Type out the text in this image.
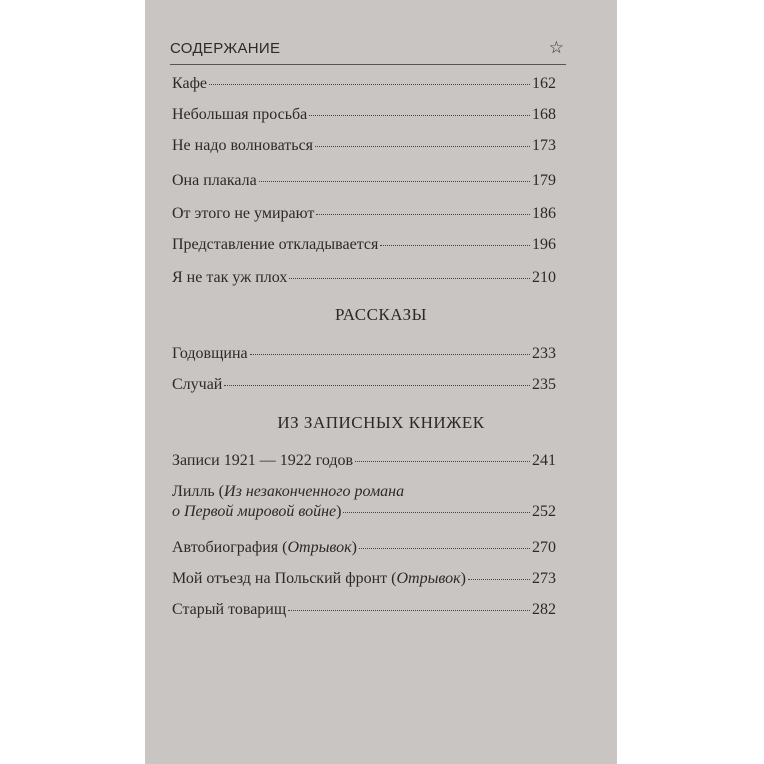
СОДЕРЖАНИЕ	☆
Кафе	162
Небольшая просьба	168
Не надо волноваться	173
Она плакала	179
От этого не умирают	186
Представление откладывается	196
Я не так уж плох	210
РАССКАЗЫ
Годовщина	233
Случай	235
ИЗ ЗАПИСНЫХ КНИЖЕК
Записи 1921 — 1922 годов	241
Лилль (Из незаконченного романа
о Первой мировой войне)	252
Автобиография (Отрывок)	270
Мой отъезд на Польский фронт (Отрывок)	273
Старый товарищ	282
